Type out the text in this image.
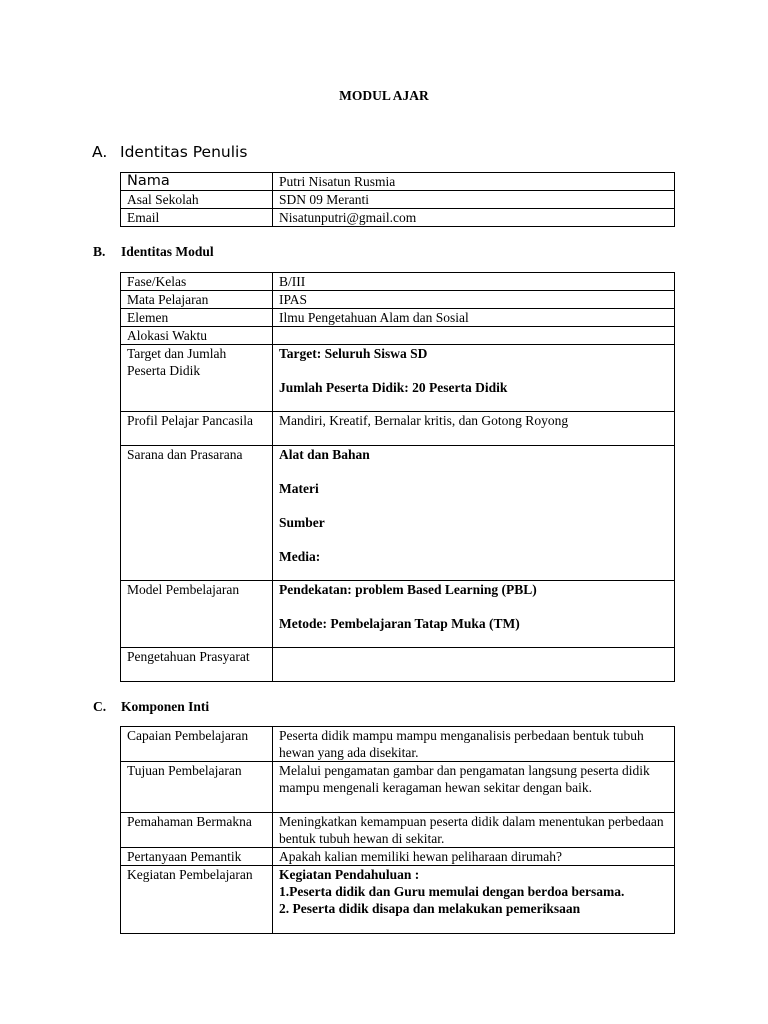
MODUL AJAR
A. Identitas Penulis
Nama	Putri Nisatun Rusmia
Asal Sekolah	SDN 09 Meranti
Email	Nisatunputri@gmail.com
B. Identitas Modul
Fase/Kelas	B/III
Mata Pelajaran	IPAS
Elemen	Ilmu Pengetahuan Alam dan Sosial
Alokasi Waktu	
Target dan Jumlah Peserta Didik	Target: Seluruh Siswa SD
Jumlah Peserta Didik: 20 Peserta Didik
Profil Pelajar Pancasila	Mandiri, Kreatif, Bernalar kritis, dan Gotong Royong
Sarana dan Prasarana	Alat dan Bahan
Materi
Sumber
Media:
Model Pembelajaran	Pendekatan: problem Based Learning (PBL)
Metode: Pembelajaran Tatap Muka (TM)
Pengetahuan Prasyarat	
C. Komponen Inti
Capaian Pembelajaran	Peserta didik mampu mampu menganalisis perbedaan bentuk tubuh hewan yang ada disekitar.
Tujuan Pembelajaran	Melalui pengamatan gambar dan pengamatan langsung peserta didik mampu mengenali keragaman hewan sekitar dengan baik.
Pemahaman Bermakna	Meningkatkan kemampuan peserta didik dalam menentukan perbedaan bentuk tubuh hewan di sekitar.
Pertanyaan Pemantik	Apakah kalian memiliki hewan peliharaan dirumah?
Kegiatan Pembelajaran	Kegiatan Pendahuluan :
1.Peserta didik dan Guru memulai dengan berdoa bersama.
2. Peserta didik disapa dan melakukan pemeriksaan
